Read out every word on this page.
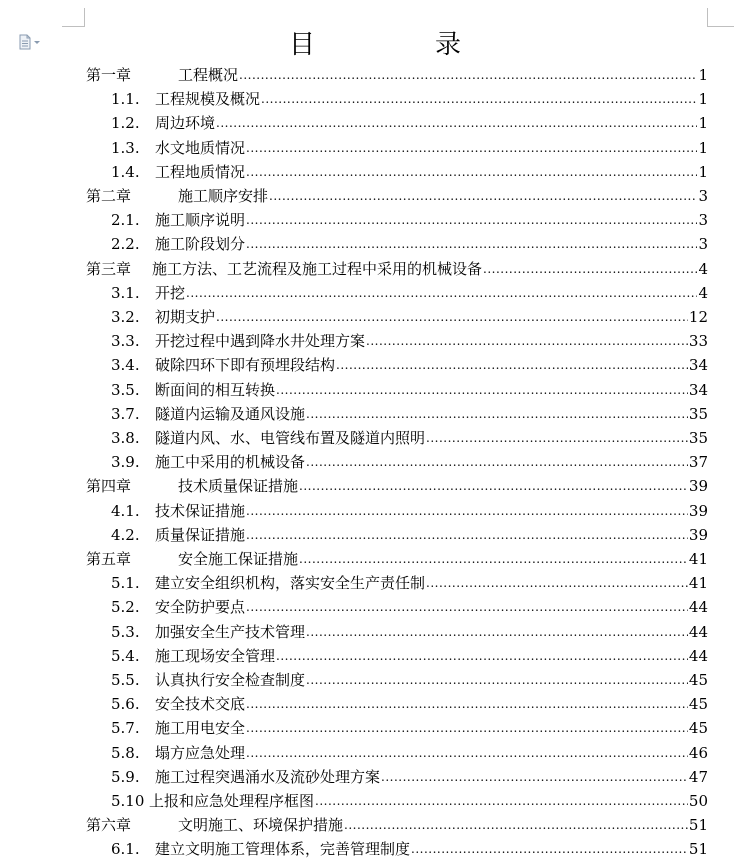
目	录
第一章	工程概况 .....	1
1.1.	工程规模及概况 .....	1
1.2.	周边环境 .....	1
1.3.	水文地质情况 .....	1
1.4.	工程地质情况 .....	1
第二章	施工顺序安排 .....	3
2.1.	施工顺序说明 .....	3
2.2.	施工阶段划分 .....	3
第三章	施工方法、工艺流程及施工过程中采用的机械设备 .....	4
3.1.	开挖 .....	4
3.2.	初期支护 .....	12
3.3.	开挖过程中遇到降水井处理方案 .....	33
3.4.	破除四环下即有预埋段结构 .....	34
3.5.	断面间的相互转换 .....	34
3.7.	隧道内运输及通风设施 .....	35
3.8.	隧道内风、水、电管线布置及隧道内照明 .....	35
3.9.	施工中采用的机械设备 .....	37
第四章	技术质量保证措施 .....	39
4.1.	技术保证措施 .....	39
4.2.	质量保证措施 .....	39
第五章	安全施工保证措施 .....	41
5.1.	建立安全组织机构，落实安全生产责任制 .....	41
5.2.	安全防护要点 .....	44
5.3.	加强安全生产技术管理 .....	44
5.4.	施工现场安全管理 .....	44
5.5.	认真执行安全检查制度 .....	45
5.6.	安全技术交底 .....	45
5.7.	施工用电安全 .....	45
5.8.	塌方应急处理 .....	46
5.9.	施工过程突遇涌水及流砂处理方案 .....	47
5.10 上报和应急处理程序框图 .....	50
第六章	文明施工、环境保护措施 .....	51
6.1.	建立文明施工管理体系，完善管理制度 .....	51
